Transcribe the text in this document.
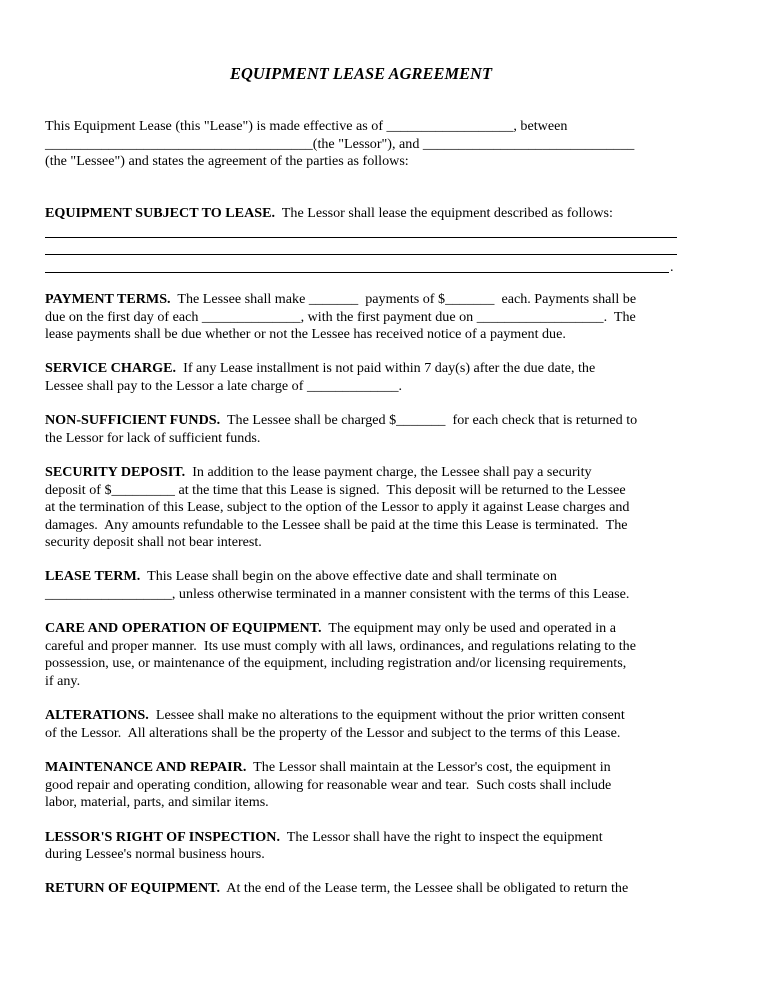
EQUIPMENT LEASE AGREEMENT
This Equipment Lease (this "Lease") is made effective as of __________________, between
______________________________________(the "Lessor"), and ______________________________
(the "Lessee") and states the agreement of the parties as follows:
EQUIPMENT SUBJECT TO LEASE.  The Lessor shall lease the equipment described as follows:
.
PAYMENT TERMS.  The Lessee shall make _______  payments of $_______  each. Payments shall be
due on the first day of each ______________, with the first payment due on __________________.  The
lease payments shall be due whether or not the Lessee has received notice of a payment due.
SERVICE CHARGE.  If any Lease installment is not paid within 7 day(s) after the due date, the
Lessee shall pay to the Lessor a late charge of _____________.
NON-SUFFICIENT FUNDS.  The Lessee shall be charged $_______  for each check that is returned to
the Lessor for lack of sufficient funds.
SECURITY DEPOSIT.  In addition to the lease payment charge, the Lessee shall pay a security
deposit of $_________ at the time that this Lease is signed.  This deposit will be returned to the Lessee
at the termination of this Lease, subject to the option of the Lessor to apply it against Lease charges and
damages.  Any amounts refundable to the Lessee shall be paid at the time this Lease is terminated.  The
security deposit shall not bear interest.
LEASE TERM.  This Lease shall begin on the above effective date and shall terminate on
__________________, unless otherwise terminated in a manner consistent with the terms of this Lease.
CARE AND OPERATION OF EQUIPMENT.  The equipment may only be used and operated in a
careful and proper manner.  Its use must comply with all laws, ordinances, and regulations relating to the
possession, use, or maintenance of the equipment, including registration and/or licensing requirements,
if any.
ALTERATIONS.  Lessee shall make no alterations to the equipment without the prior written consent
of the Lessor.  All alterations shall be the property of the Lessor and subject to the terms of this Lease.
MAINTENANCE AND REPAIR.  The Lessor shall maintain at the Lessor's cost, the equipment in
good repair and operating condition, allowing for reasonable wear and tear.  Such costs shall include
labor, material, parts, and similar items.
LESSOR'S RIGHT OF INSPECTION.  The Lessor shall have the right to inspect the equipment
during Lessee's normal business hours.
RETURN OF EQUIPMENT.  At the end of the Lease term, the Lessee shall be obligated to return the
